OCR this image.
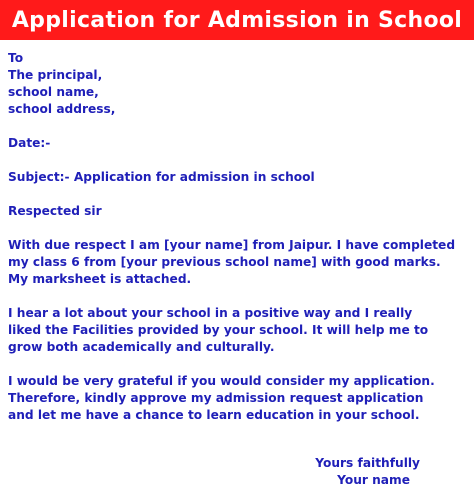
Application for Admission in School
To
The principal,
school name,
school address,
Date:-
Subject:- Application for admission in school
Respected sir
With due respect I am [your name] from Jaipur. I have completed
my class 6 from [your previous school name] with good marks.
My marksheet is attached.
I hear a lot about your school in a positive way and I really
liked the Facilities provided by your school. It will help me to
grow both academically and culturally.
I would be very grateful if you would consider my application.
Therefore, kindly approve my admission request application
and let me have a chance to learn education in your school.
Yours faithfully
Your name
